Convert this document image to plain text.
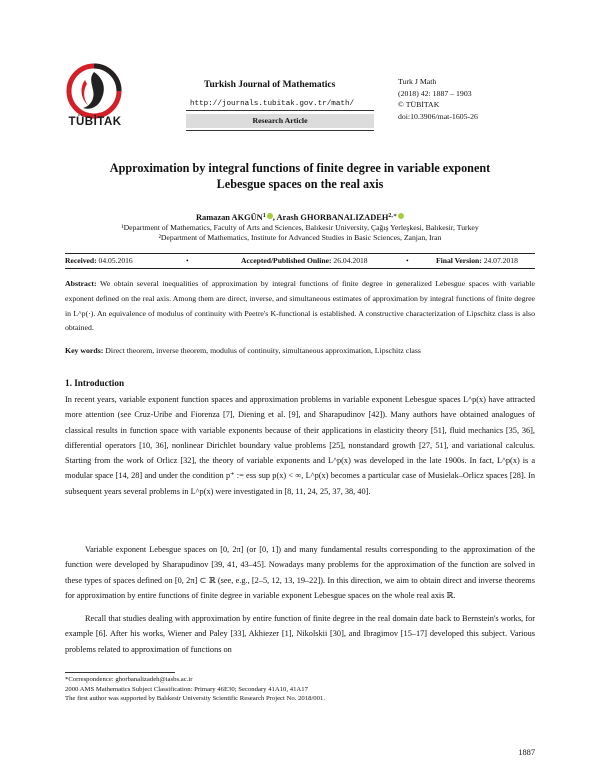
TÜBİTAK
Turkish Journal of Mathematics
http://journals.tubitak.gov.tr/math/
Research Article
Turk J Math
(2018) 42: 1887 – 1903
© TÜBİTAK
doi:10.3906/mat-1605-26
Approximation by integral functions of finite degree in variable exponent
Lebesgue spaces on the real axis
Ramazan AKGÜN$^1$ , Arash $GHORBANALIZADEH^{2,∗}$
¹Department of Mathematics, Faculty of Arts and Sciences, Balıkesir University, Çağış Yerleşkesi, Balıkesir, Turkey
²Department of Mathematics, Institute for Advanced Studies in Basic Sciences, Zanjan, Iran
Received: 04.05.2016	•	Accepted/Published Online: 26.04.2018	•	Final Version: 24.07.2018
Abstract: We obtain several inequalities of approximation by integral functions of finite degree in generalized Lebesgue spaces with variable exponent defined on the real axis. Among them are direct, inverse, and simultaneous estimates of approximation by integral functions of finite degree in L^p(·). An equivalence of modulus of continuity with Peetre's K-functional is established. A constructive characterization of Lipschitz class is also obtained.
Key words: Direct theorem, inverse theorem, modulus of continuity, simultaneous approximation, Lipschitz class
1. Introduction
In recent years, variable exponent function spaces and approximation problems in variable exponent Lebesgue spaces L^p(x) have attracted more attention (see Cruz-Uribe and Fiorenza [7], Diening et al. [9], and Sharapudinov [42]). Many authors have obtained analogues of classical results in function space with variable exponents because of their applications in elasticity theory [51], fluid mechanics [35, 36], differential operators [10, 36], nonlinear Dirichlet boundary value problems [25], nonstandard growth [27, 51], and variational calculus. Starting from the work of Orlicz [32], the theory of variable exponents and L^p(x) was developed in the late 1900s. In fact, L^p(x) is a modular space [14, 28] and under the condition p⁺ := ess sup p(x) < ∞, L^p(x) becomes a particular case of Musielak–Orlicz spaces [28]. In subsequent years several problems in L^p(x) were investigated in [8, 11, 24, 25, 37, 38, 40].
Variable exponent Lebesgue spaces on [0, 2π] (or [0, 1]) and many fundamental results corresponding to the approximation of the function were developed by Sharapudinov [39, 41, 43–45]. Nowadays many problems for the approximation of the function are solved in these types of spaces defined on [0, 2π] ⊂ ℝ (see, e.g., [2–5, 12, 13, 19–22]). In this direction, we aim to obtain direct and inverse theorems for approximation by entire functions of finite degree in variable exponent Lebesgue spaces on the whole real axis ℝ.
Recall that studies dealing with approximation by entire function of finite degree in the real domain date back to Bernstein's works, for example [6]. After his works, Wiener and Paley [33], Akhiezer [1], Nikolskii [30], and Ibragimov [15–17] developed this subject. Various problems related to approximation of functions on
*Correspondence: ghorbanalizadeh@iasbs.ac.ir
2000 AMS Mathematics Subject Classification: Primary 46E30; Secondary 41A10, 41A17
The first author was supported by Balıkesir University Scientific Research Project No. 2018/001.
1887
